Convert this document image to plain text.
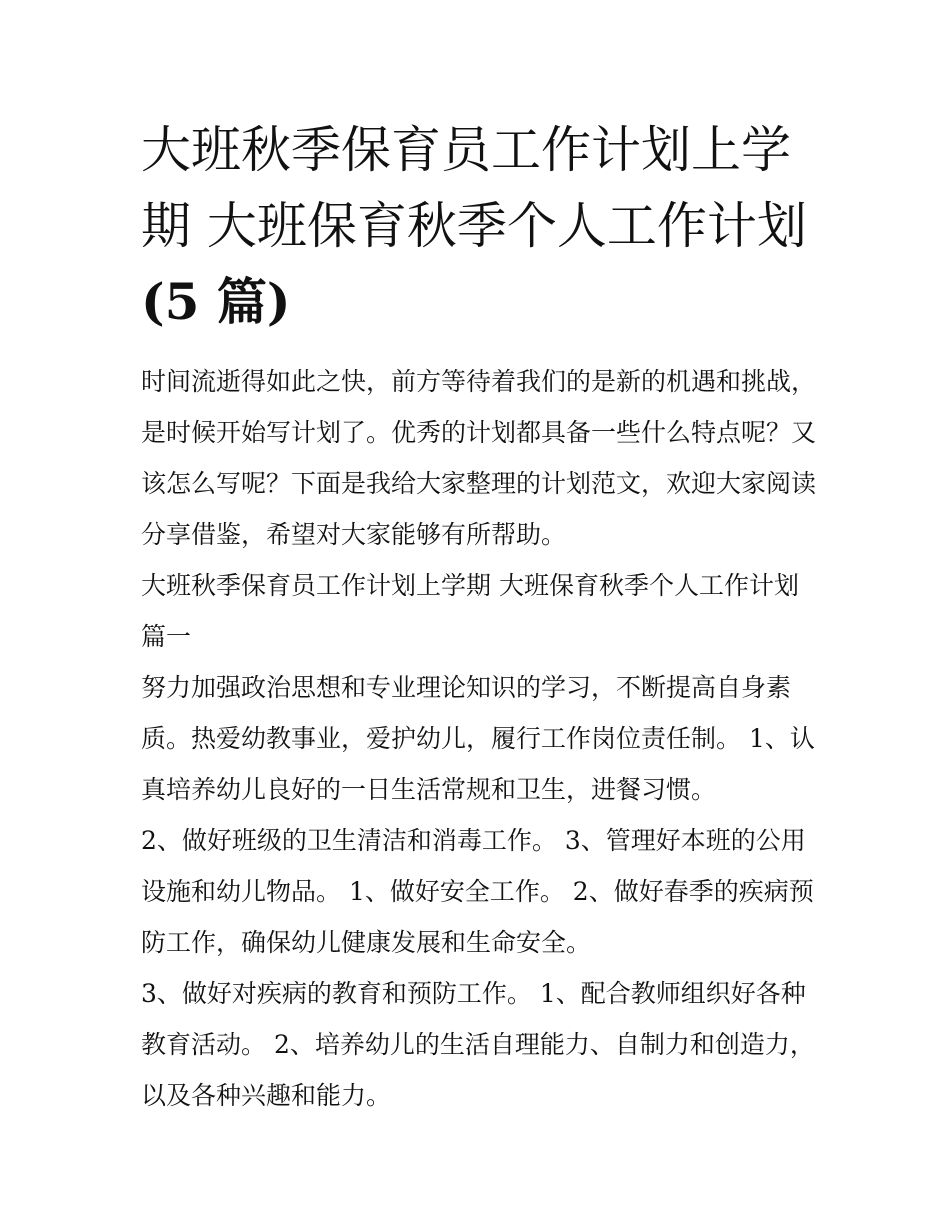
大班秋季保育员工作计划上学
期 大班保育秋季个人工作计划
(5 篇)
时间流逝得如此之快，前方等待着我们的是新的机遇和挑战，
是时候开始写计划了。优秀的计划都具备一些什么特点呢？又
该怎么写呢？下面是我给大家整理的计划范文，欢迎大家阅读
分享借鉴，希望对大家能够有所帮助。
大班秋季保育员工作计划上学期 大班保育秋季个人工作计划
篇一
努力加强政治思想和专业理论知识的学习，不断提高自身素
质。热爱幼教事业，爱护幼儿，履行工作岗位责任制。 1、认
真培养幼儿良好的一日生活常规和卫生，进餐习惯。
2、做好班级的卫生清洁和消毒工作。 3、管理好本班的公用
设施和幼儿物品。 1、做好安全工作。 2、做好春季的疾病预
防工作，确保幼儿健康发展和生命安全。
3、做好对疾病的教育和预防工作。 1、配合教师组织好各种
教育活动。 2、培养幼儿的生活自理能力、自制力和创造力，
以及各种兴趣和能力。
